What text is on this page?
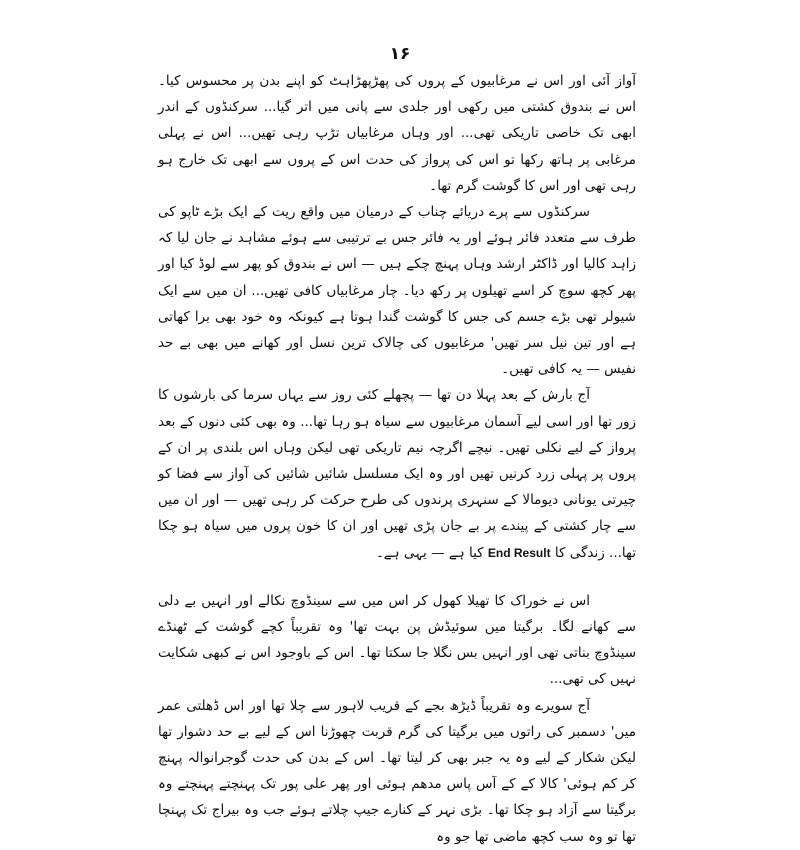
۱۶

آواز آئی اور اس نے مرغابیوں کے پروں کی پھڑپھڑاہٹ کو اپنے بدن پر محسوس کیا۔ اس نے بندوق کشتی میں رکھی اور جلدی سے پانی میں اتر گیا... سرکنڈوں کے اندر ابھی تک خاصی تاریکی تھی... اور وہاں مرغابیاں تڑپ رہی تھیں... اس نے پہلی مرغابی پر ہاتھ رکھا تو اس کی پرواز کی حدت اس کے پروں سے ابھی تک خارج ہو رہی تھی اور اس کا گوشت گرم تھا۔

سرکنڈوں سے پرے دریائے چناب کے درمیان میں واقع ریت کے ایک بڑے ٹاپو کی طرف سے متعدد فائر ہوئے اور یہ فائر جس بے ترتیبی سے ہوئے مشاہد نے جان لیا کہ زاہد کالیا اور ڈاکٹر ارشد وہاں پہنچ چکے ہیں — اس نے بندوق کو پھر سے لوڈ کیا اور پھر کچھ سوچ کر اسے تھیلوں پر رکھ دیا۔ چار مرغابیاں کافی تھیں... ان میں سے ایک شیولر تھی بڑے جسم کی جس کا گوشت گندا ہوتا ہے کیونکہ وہ خود بھی برا کھاتی ہے اور تین نیل سر تھیں' مرغابیوں کی چالاک ترین نسل اور کھانے میں بھی بے حد نفیس — یہ کافی تھیں۔

آج بارش کے بعد پہلا دن تھا — پچھلے کئی روز سے یہاں سرما کی بارشوں کا زور تھا اور اسی لیے آسمان مرغابیوں سے سیاہ ہو رہا تھا... وہ بھی کئی دنوں کے بعد پرواز کے لیے نکلی تھیں۔ نیچے اگرچہ نیم تاریکی تھی لیکن وہاں اس بلندی پر ان کے پروں پر پہلی زرد کرنیں تھیں اور وہ ایک مسلسل شائیں شائیں کی آواز سے فضا کو چیرتی یونانی دیومالا کے سنہری پرندوں کی طرح حرکت کر رہی تھیں — اور ان میں سے چار کشتی کے پیندے پر بے جان پڑی تھیں اور ان کا خون پروں میں سیاہ ہو چکا تھا... زندگی کا End Result کیا ہے — یہی ہے۔

اس نے خوراک کا تھیلا کھول کر اس میں سے سینڈوچ نکالے اور انہیں بے دلی سے کھانے لگا۔ برگیتا میں سوئیڈش پن بہت تھا' وہ تقریباً کچے گوشت کے ٹھنڈے سینڈوچ بناتی تھی اور انہیں بس نگلا جا سکتا تھا۔ اس کے باوجود اس نے کبھی شکایت نہیں کی تھی...

آج سویرے وہ تقریباً ڈیڑھ بجے کے قریب لاہور سے چلا تھا اور اس ڈھلتی عمر میں' دسمبر کی راتوں میں برگیتا کی گرم قربت چھوڑنا اس کے لیے بے حد دشوار تھا لیکن شکار کے لیے وہ یہ جبر بھی کر لیتا تھا۔ اس کے بدن کی حدت گوجرانوالہ پہنچ کر کم ہوئی' کالا کے کے آس پاس مدھم ہوئی اور پھر علی پور تک پہنچتے پہنچتے وہ برگیتا سے آزاد ہو چکا تھا۔ بڑی نہر کے کنارے جیپ چلاتے ہوئے جب وہ بیراج تک پہنچا تھا تو وہ سب کچھ ماضی تھا جو وہ
